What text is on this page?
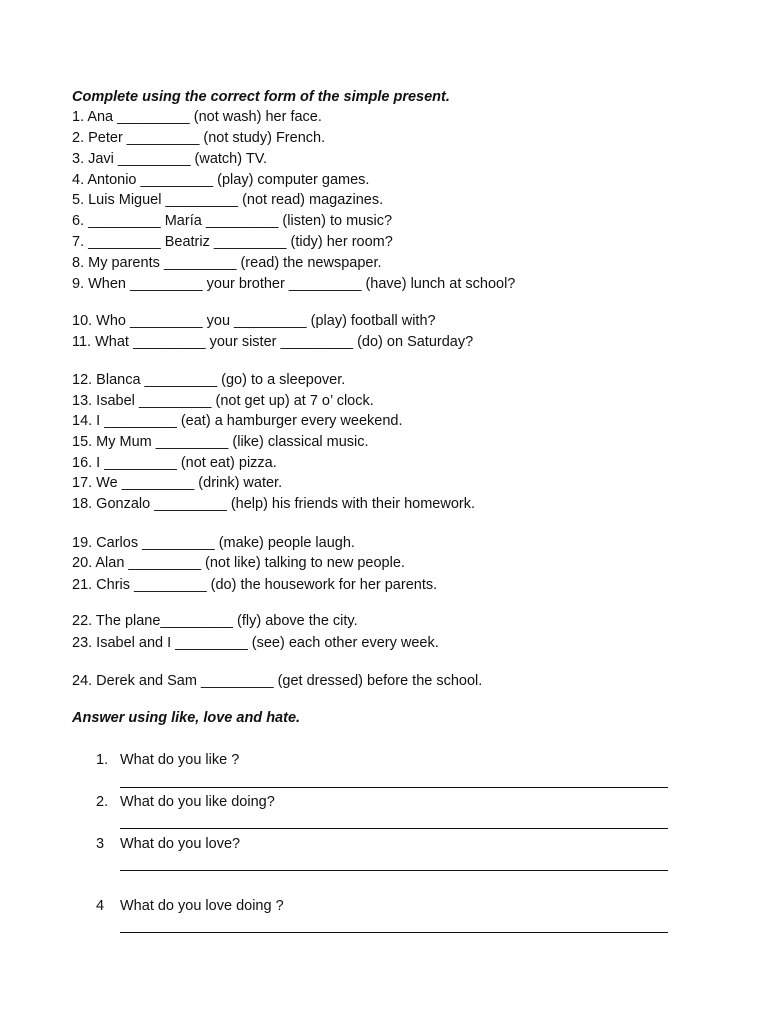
Complete using the correct form of the simple present.
1. Ana _________ (not wash) her face.
2. Peter _________ (not study) French.
3. Javi _________ (watch) TV.
4. Antonio _________ (play) computer games.
5. Luis Miguel _________ (not read) magazines.
6. _________ María _________ (listen) to music?
7. _________ Beatriz _________ (tidy) her room?
8. My parents _________ (read) the newspaper.
9. When _________ your brother _________ (have) lunch at school?
10. Who _________ you _________ (play) football with?
11. What _________ your sister _________ (do) on Saturday?
12. Blanca _________ (go) to a sleepover.
13. Isabel _________ (not get up) at 7 o’ clock.
14. I _________ (eat) a hamburger every weekend.
15. My Mum _________ (like) classical music.
16. I _________ (not eat) pizza.
17. We _________ (drink) water.
18. Gonzalo _________ (help) his friends with their homework.
19. Carlos _________ (make) people laugh.
20. Alan _________ (not like) talking to new people.
21. Chris _________ (do) the housework for her parents.
22. The plane_________ (fly) above the city.
23. Isabel and I _________ (see) each other every week.
24. Derek and Sam _________ (get dressed) before the school.
Answer using like, love and hate.
1. What do you like ?
2. What do you like doing?
3 What do you love?
4 What do you love doing ?
